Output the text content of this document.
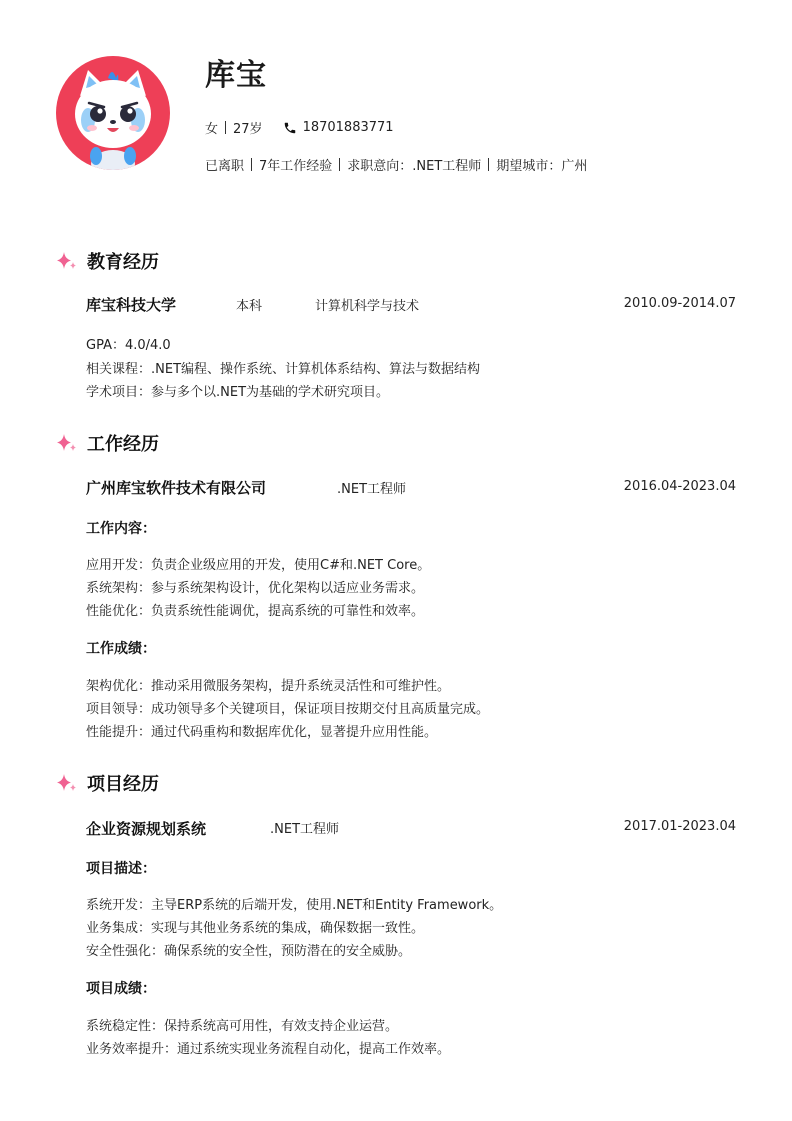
库宝
女 27岁	18701883771
已离职 7年工作经验 求职意向：.NET工程师 期望城市：广州
教育经历
库宝科技大学	本科	计算机科学与技术	2010.09-2014.07
GPA：4.0/4.0
相关课程：.NET编程、操作系统、计算机体系结构、算法与数据结构
学术项目：参与多个以.NET为基础的学术研究项目。
工作经历
广州库宝软件技术有限公司	.NET工程师	2016.04-2023.04
工作内容：
应用开发：负责企业级应用的开发，使用C#和.NET Core。
系统架构：参与系统架构设计，优化架构以适应业务需求。
性能优化：负责系统性能调优，提高系统的可靠性和效率。
工作成绩：
架构优化：推动采用微服务架构，提升系统灵活性和可维护性。
项目领导：成功领导多个关键项目，保证项目按期交付且高质量完成。
性能提升：通过代码重构和数据库优化，显著提升应用性能。
项目经历
企业资源规划系统	.NET工程师	2017.01-2023.04
项目描述：
系统开发：主导ERP系统的后端开发，使用.NET和Entity Framework。
业务集成：实现与其他业务系统的集成，确保数据一致性。
安全性强化：确保系统的安全性，预防潜在的安全威胁。
项目成绩：
系统稳定性：保持系统高可用性，有效支持企业运营。
业务效率提升：通过系统实现业务流程自动化，提高工作效率。
